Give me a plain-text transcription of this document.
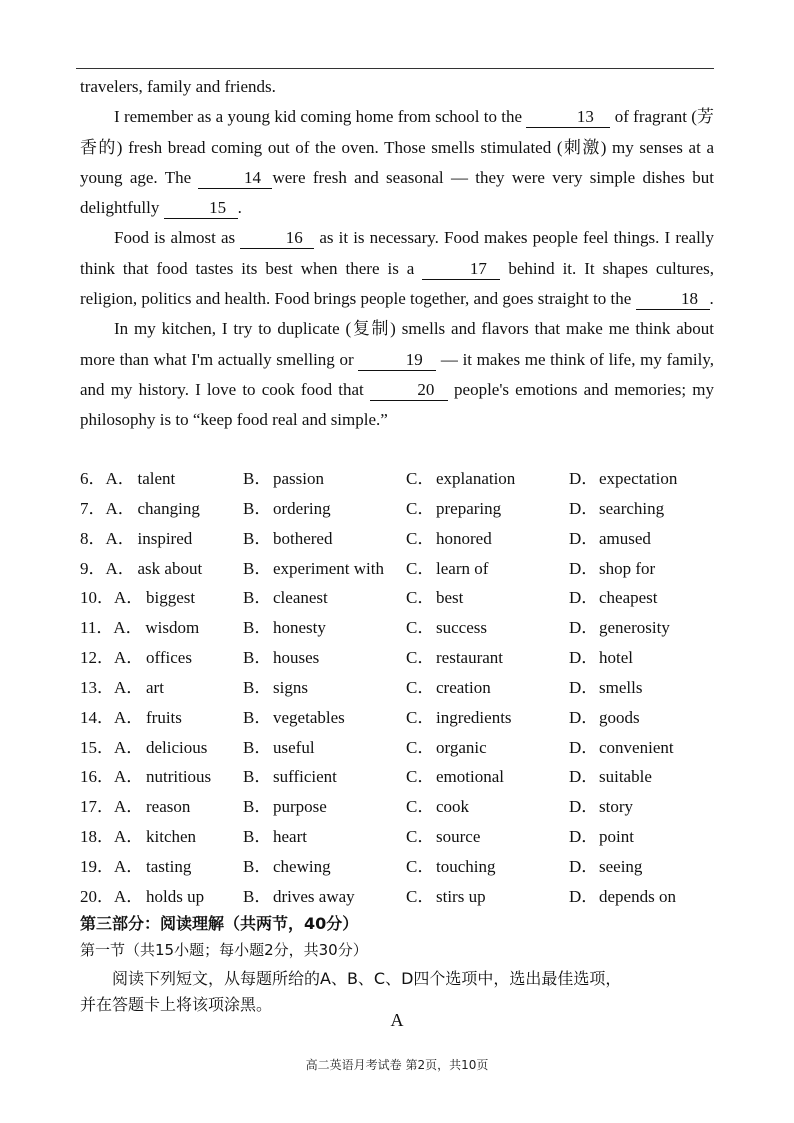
travelers, family and friends.

I remember as a young kid coming home from school to the	13 of fragrant (芳香的) fresh bread coming out of the oven. Those smells stimulated (刺激) my senses at a young age. The	14 were fresh and seasonal — they were very simple dishes but delightfully	15 .

Food is almost as	16 as it is necessary. Food makes people feel things. I really think that food tastes its best when there is a	17 behind it. It shapes cultures, religion, politics and health. Food brings people together, and goes straight to the	18 .

In my kitchen, I try to duplicate (复制) smells and flavors that make me think about more than what I'm actually smelling or	19 — it makes me think of life, my family, and my history. I love to cook food that	20 people's emotions and memories; my philosophy is to “keep food real and simple.”

6．A． talent	B．passion	C．explanation	D．expectation
7．A． changing	B．ordering	C．preparing	D．searching
8．A． inspired	B．bothered	C．honored	D．amused
9．A． ask about	B．experiment with	C．learn of	D．shop for
10．A． biggest	B．cleanest	C．best	D．cheapest
11．A． wisdom	B．honesty	C．success	D．generosity
12．A． offices	B．houses	C．restaurant	D．hotel
13．A． art	B．signs	C．creation	D．smells
14．A． fruits	B．vegetables	C．ingredients	D．goods
15．A． delicious	B．useful	C．organic	D．convenient
16．A． nutritious	B．sufficient	C．emotional	D．suitable
17．A． reason	B．purpose	C．cook	D．story
18．A． kitchen	B．heart	C．source	D．point
19．A． tasting	B．chewing	C．touching	D．seeing
20．A． holds up	B．drives away	C．stirs up	D．depends on
第三部分：阅读理解（共两节，40分）
第一节（共15小题；每小题2分，共30分）
阅读下列短文，从每题所给的A、B、C、D四个选项中，选出最佳选项，
并在答题卡上将该项涂黑。
A
高二英语月考试卷 第2页，共10页
